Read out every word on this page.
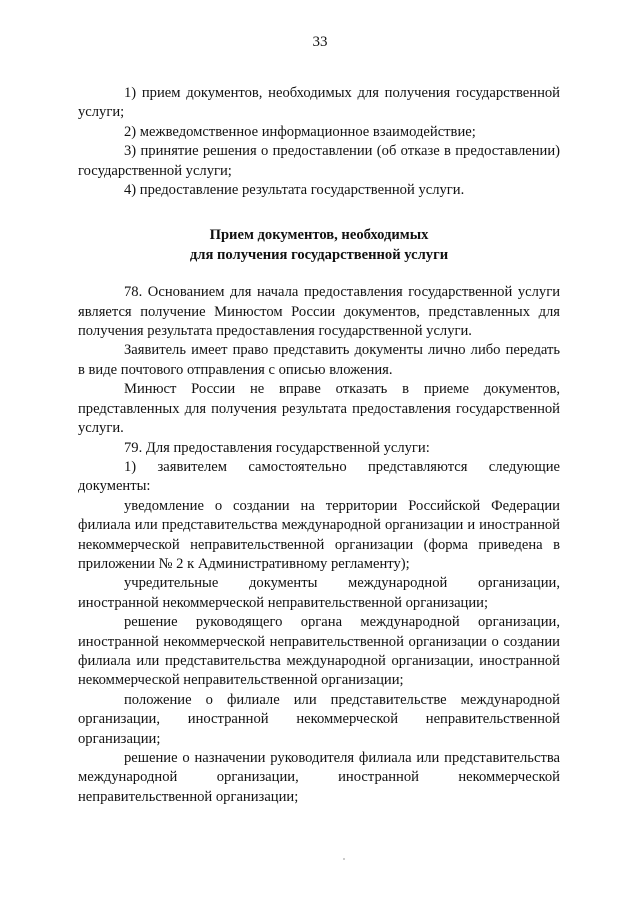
33

1) прием документов, необходимых для получения государственной услуги;

2) межведомственное информационное взаимодействие;

3) принятие решения о предоставлении (об отказе в предоставлении) государственной услуги;

4) предоставление результата государственной услуги.

Прием документов, необходимых
для получения государственной услуги

78. Основанием для начала предоставления государственной услуги является получение Минюстом России документов, представленных для получения результата предоставления государственной услуги.

Заявитель имеет право представить документы лично либо передать в виде почтового отправления с описью вложения.

Минюст России не вправе отказать в приеме документов, представленных для получения результата предоставления государственной услуги.

79. Для предоставления государственной услуги:

1) заявителем самостоятельно представляются следующие документы:

уведомление о создании на территории Российской Федерации филиала или представительства международной организации и иностранной некоммерческой неправительственной организации (форма приведена в приложении № 2 к Административному регламенту);

учредительные документы международной организации, иностранной некоммерческой неправительственной организации;

решение руководящего органа международной организации, иностранной некоммерческой неправительственной организации о создании филиала или представительства международной организации, иностранной некоммерческой неправительственной организации;

положение о филиале или представительстве международной организации, иностранной некоммерческой неправительственной организации;

решение о назначении руководителя филиала или представительства международной организации, иностранной некоммерческой неправительственной организации;
